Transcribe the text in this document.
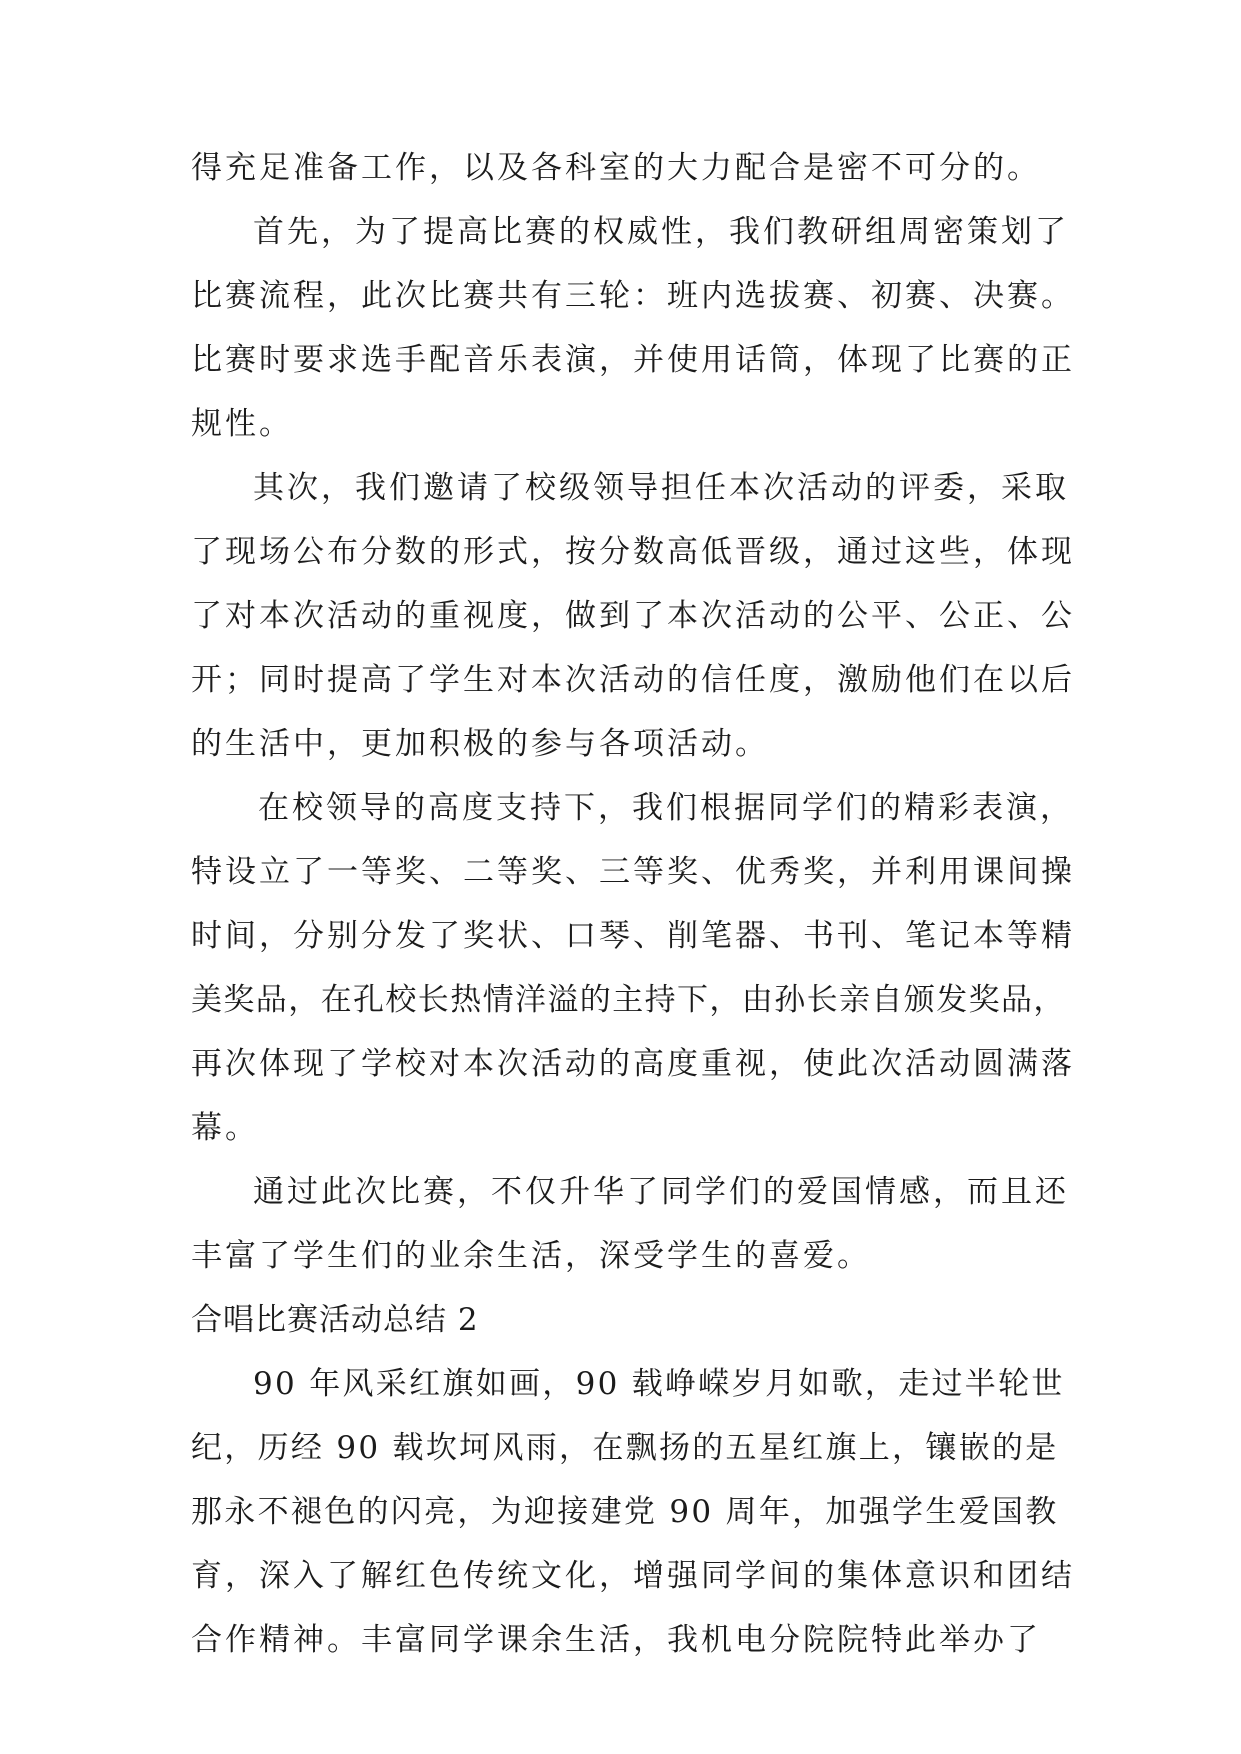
得充足准备工作，以及各科室的大力配合是密不可分的。

首先，为了提高比赛的权威性，我们教研组周密策划了

比赛流程，此次比赛共有三轮：班内选拔赛、初赛、决赛。

比赛时要求选手配音乐表演，并使用话筒，体现了比赛的正

规性。

其次，我们邀请了校级领导担任本次活动的评委，采取

了现场公布分数的形式，按分数高低晋级，通过这些，体现

了对本次活动的重视度，做到了本次活动的公平、公正、公

开；同时提高了学生对本次活动的信任度，激励他们在以后

的生活中，更加积极的参与各项活动。

在校领导的高度支持下，我们根据同学们的精彩表演，

特设立了一等奖、二等奖、三等奖、优秀奖，并利用课间操

时间，分别分发了奖状、口琴、削笔器、书刊、笔记本等精

美奖品，在孔校长热情洋溢的主持下，由孙长亲自颁发奖品，

再次体现了学校对本次活动的高度重视，使此次活动圆满落

幕。

通过此次比赛，不仅升华了同学们的爱国情感，而且还

丰富了学生们的业余生活，深受学生的喜爱。

合唱比赛活动总结 2

90 年风采红旗如画，90 载峥嵘岁月如歌，走过半轮世

纪，历经 90 载坎坷风雨，在飘扬的五星红旗上，镶嵌的是

那永不褪色的闪亮，为迎接建党 90 周年，加强学生爱国教

育，深入了解红色传统文化，增强同学间的集体意识和团结

合作精神。丰富同学课余生活，我机电分院院特此举办了
